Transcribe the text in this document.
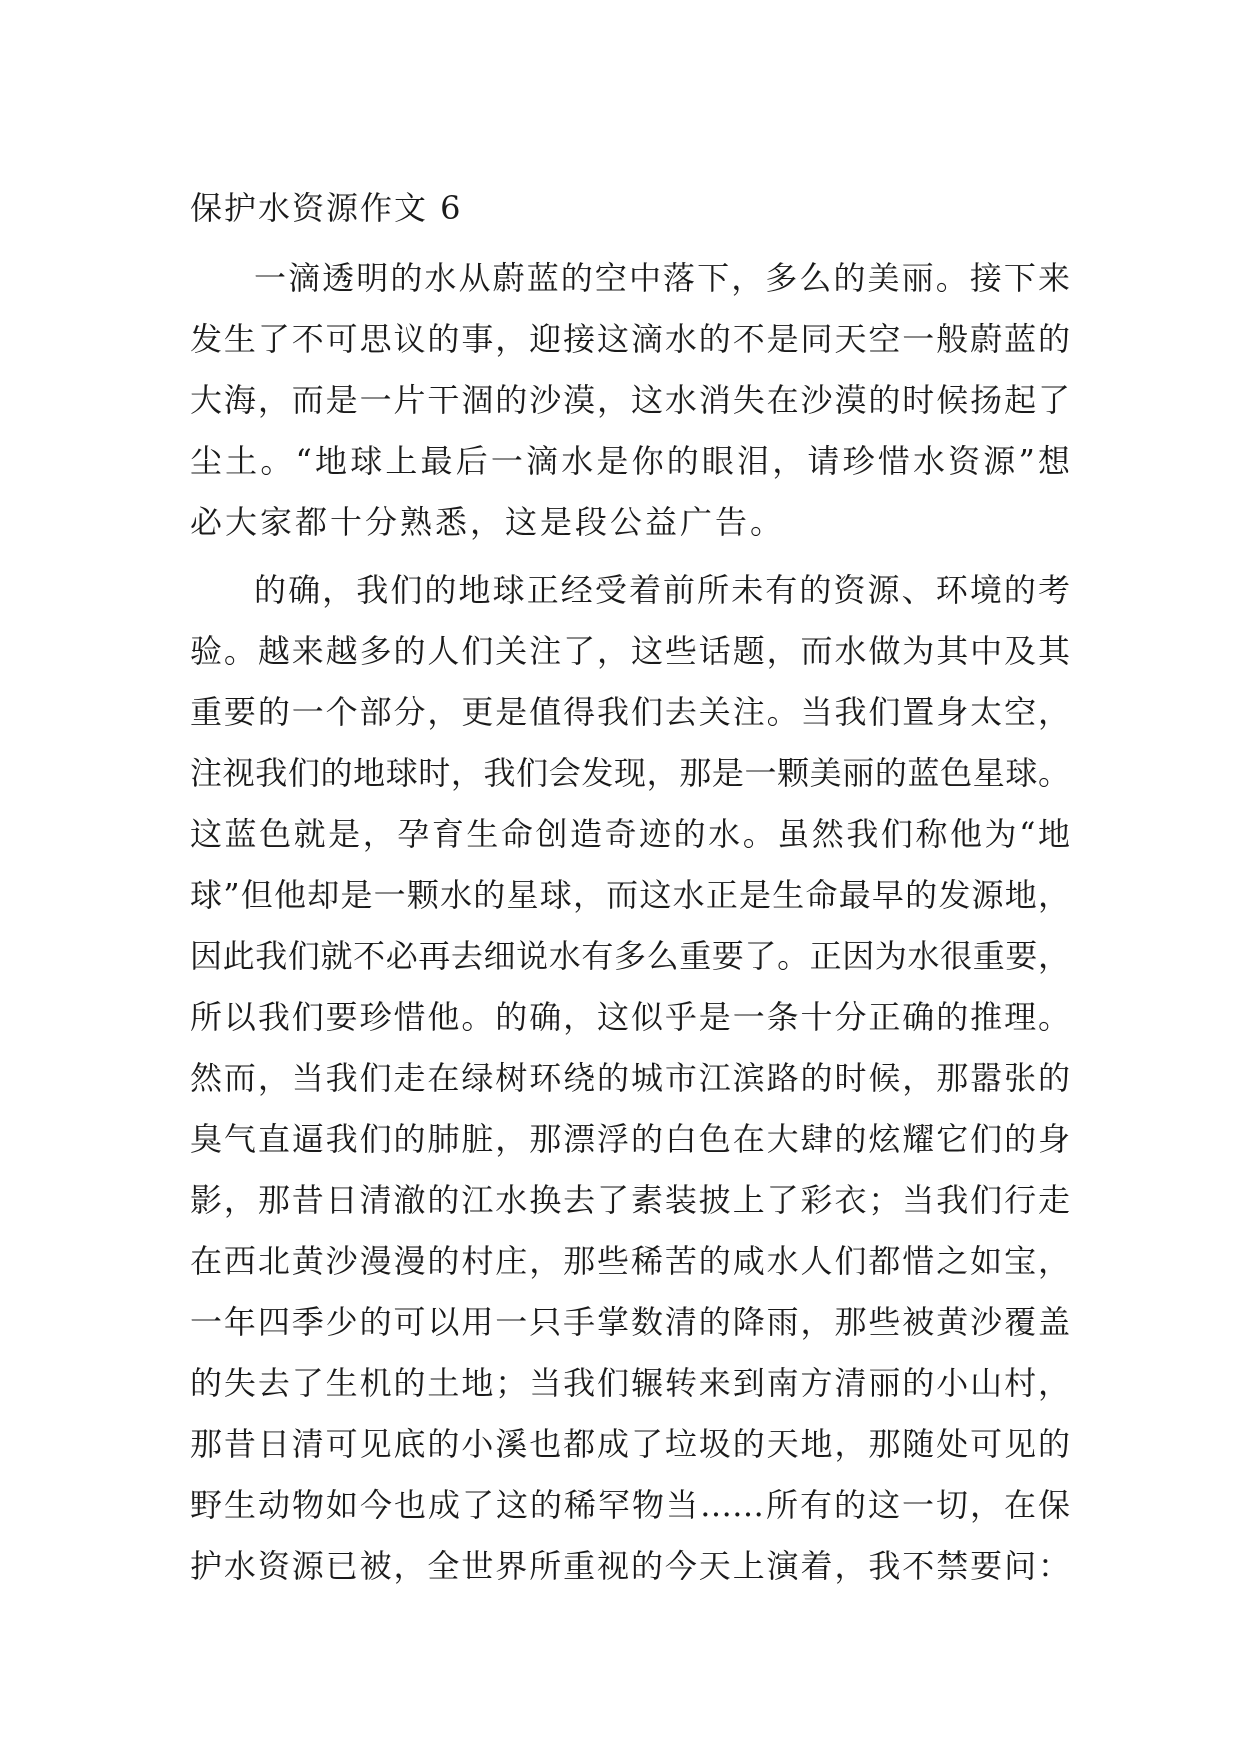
保护水资源作文 6
一滴透明的水从蔚蓝的空中落下，多么的美丽。接下来
发生了不可思议的事，迎接这滴水的不是同天空一般蔚蓝的
大海，而是一片干涸的沙漠，这水消失在沙漠的时候扬起了
尘土。“地球上最后一滴水是你的眼泪，请珍惜水资源”想
必大家都十分熟悉，这是段公益广告。
的确，我们的地球正经受着前所未有的资源、环境的考
验。越来越多的人们关注了，这些话题，而水做为其中及其
重要的一个部分，更是值得我们去关注。当我们置身太空，
注视我们的地球时，我们会发现，那是一颗美丽的蓝色星球。
这蓝色就是，孕育生命创造奇迹的水。虽然我们称他为“地
球”但他却是一颗水的星球，而这水正是生命最早的发源地，
因此我们就不必再去细说水有多么重要了。正因为水很重要，
所以我们要珍惜他。的确，这似乎是一条十分正确的推理。
然而，当我们走在绿树环绕的城市江滨路的时候，那嚣张的
臭气直逼我们的肺脏，那漂浮的白色在大肆的炫耀它们的身
影，那昔日清澈的江水换去了素装披上了彩衣；当我们行走
在西北黄沙漫漫的村庄，那些稀苦的咸水人们都惜之如宝，
一年四季少的可以用一只手掌数清的降雨，那些被黄沙覆盖
的失去了生机的土地；当我们辗转来到南方清丽的小山村，
那昔日清可见底的小溪也都成了垃圾的天地，那随处可见的
野生动物如今也成了这的稀罕物当……所有的这一切，在保
护水资源已被，全世界所重视的今天上演着，我不禁要问：
